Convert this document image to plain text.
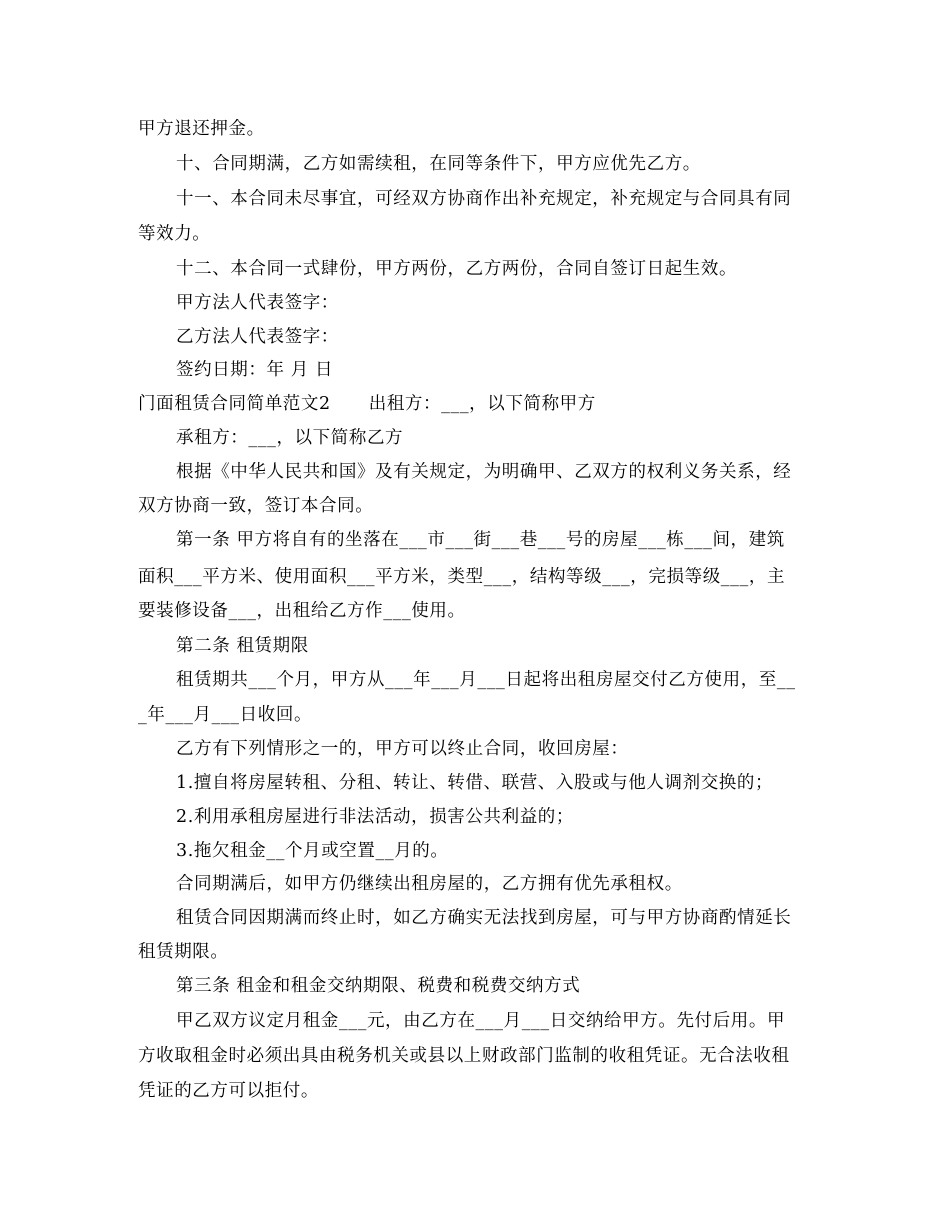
甲方退还押金。
十、合同期满，乙方如需续租，在同等条件下，甲方应优先乙方。
十一、本合同未尽事宜，可经双方协商作出补充规定，补充规定与合同具有同
等效力。
十二、本合同一式肆份，甲方两份，乙方两份，合同自签订日起生效。
甲方法人代表签字：
乙方法人代表签字：
签约日期：年 月 日
门面租赁合同简单范文2 出租方：___，以下简称甲方
承租方：___，以下简称乙方
根据《中华人民共和国》及有关规定，为明确甲、乙双方的权利义务关系，经
双方协商一致，签订本合同。
第一条 甲方将自有的坐落在___市___街___巷___号的房屋___栋___间，建筑
面积___平方米、使用面积___平方米，类型___，结构等级___，完损等级___，主
要装修设备___，出租给乙方作___使用。
第二条 租赁期限
租赁期共___个月，甲方从___年___月___日起将出租房屋交付乙方使用，至__
_年___月___日收回。
乙方有下列情形之一的，甲方可以终止合同，收回房屋：
1.擅自将房屋转租、分租、转让、转借、联营、入股或与他人调剂交换的；
2.利用承租房屋进行非法活动，损害公共利益的；
3.拖欠租金__个月或空置__月的。
合同期满后，如甲方仍继续出租房屋的，乙方拥有优先承租权。
租赁合同因期满而终止时，如乙方确实无法找到房屋，可与甲方协商酌情延长
租赁期限。
第三条 租金和租金交纳期限、税费和税费交纳方式
甲乙双方议定月租金___元，由乙方在___月___日交纳给甲方。先付后用。甲
方收取租金时必须出具由税务机关或县以上财政部门监制的收租凭证。无合法收租
凭证的乙方可以拒付。
